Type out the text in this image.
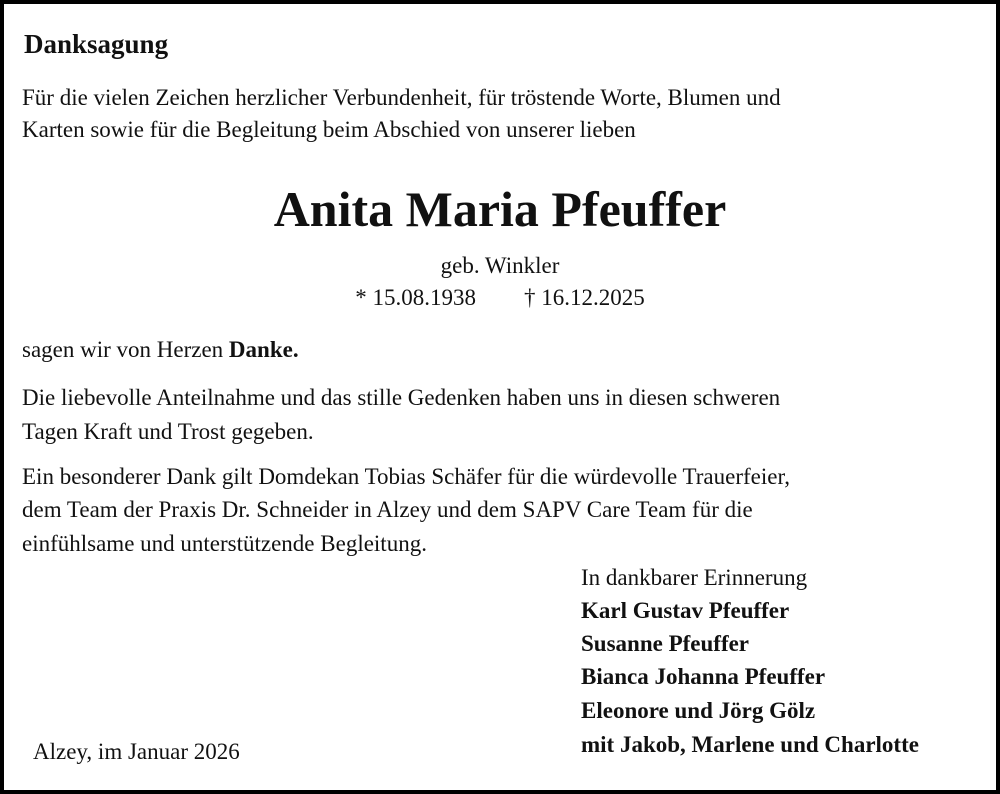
Danksagung
Für die vielen Zeichen herzlicher Verbundenheit, für tröstende Worte, Blumen und
Karten sowie für die Begleitung beim Abschied von unserer lieben
Anita Maria Pfeuffer
geb. Winkler
* 15.08.1938 † 16.12.2025
sagen wir von Herzen Danke.
Die liebevolle Anteilnahme und das stille Gedenken haben uns in diesen schweren
Tagen Kraft und Trost gegeben.
Ein besonderer Dank gilt Domdekan Tobias Schäfer für die würdevolle Trauerfeier,
dem Team der Praxis Dr. Schneider in Alzey und dem SAPV Care Team für die
einfühlsame und unterstützende Begleitung.
In dankbarer Erinnerung
Karl Gustav Pfeuffer
Susanne Pfeuffer
Bianca Johanna Pfeuffer
Eleonore und Jörg Gölz
mit Jakob, Marlene und Charlotte
Alzey, im Januar 2026
